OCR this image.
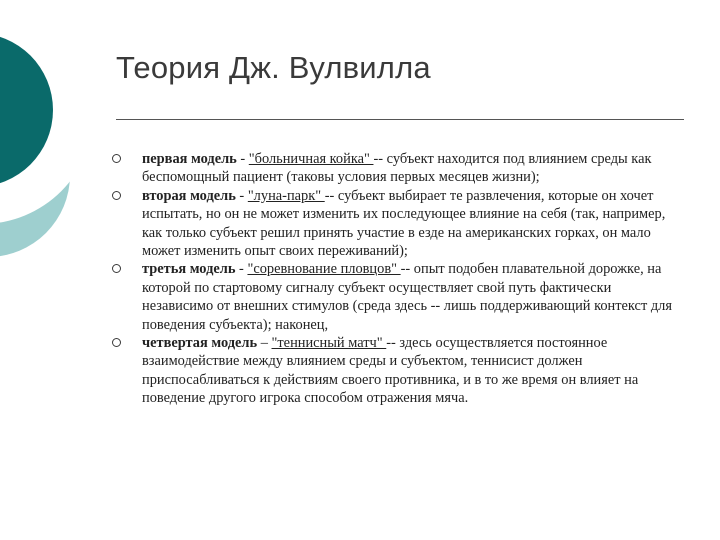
Теория Дж. Вулвилла
первая модель - "больничная койка" -- субъект находится под влиянием среды как беспомощный пациент (таковы условия первых месяцев жизни);
вторая модель - "луна-парк" -- субъект выбирает те развлечения, которые он хочет испытать, но он не может изменить их последующее влияние на себя (так, например, как только субъект решил принять участие в езде на американских горках, он мало может изменить опыт своих переживаний);
третья модель - "соревнование пловцов" -- опыт подобен плавательной дорожке, на которой по стартовому сигналу субъект осуществляет свой путь фактически независимо от внешних стимулов (среда здесь -- лишь поддерживающий контекст для поведения субъекта); наконец,
четвертая модель – "теннисный матч" -- здесь осуществляется постоянное взаимодействие между влиянием среды и субъектом, теннисист должен приспосабливаться к действиям своего противника, и в то же время он влияет на поведение другого игрока способом отражения мяча.
